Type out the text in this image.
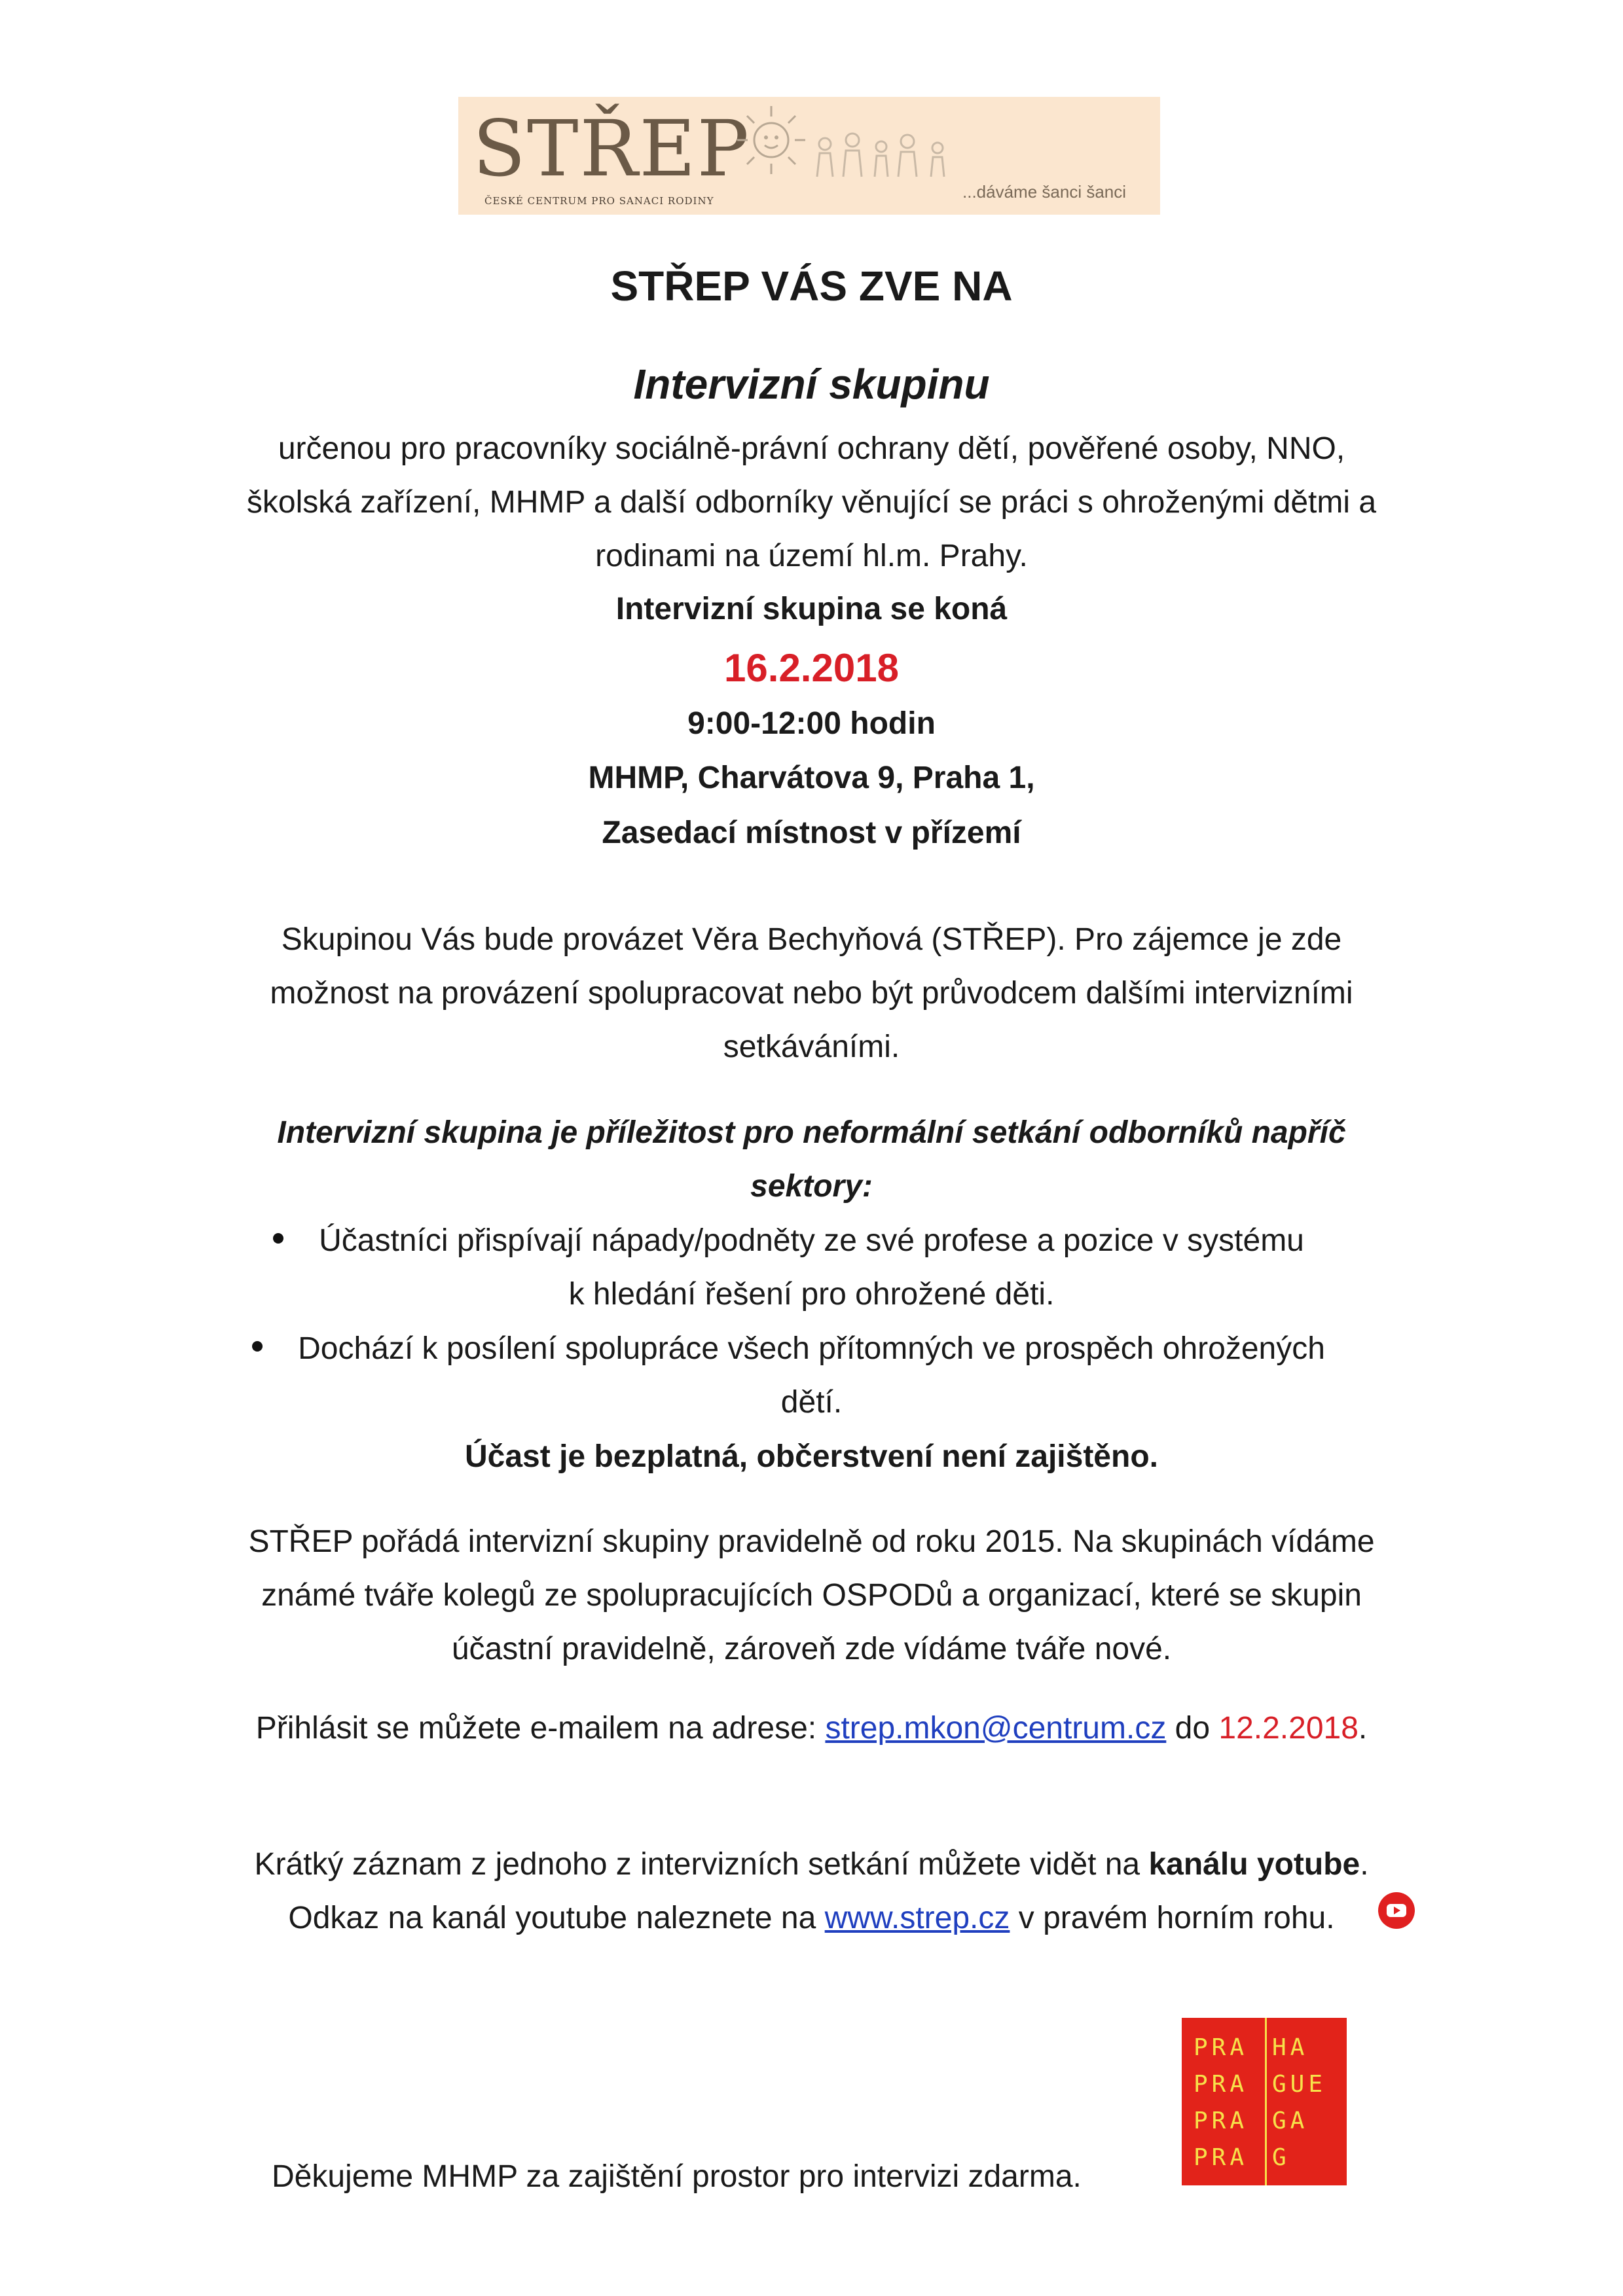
STŘEP
ČESKÉ CENTRUM PRO SANACI RODINY	...dáváme šanci šanci
STŘEP VÁS ZVE NA
Intervizní skupinu
určenou pro pracovníky sociálně-právní ochrany dětí, pověřené osoby, NNO,
školská zařízení, MHMP a další odborníky věnující se práci s ohroženými dětmi a
rodinami na území hl.m. Prahy.
Intervizní skupina se koná
16.2.2018
9:00-12:00 hodin
MHMP, Charvátova 9, Praha 1,
Zasedací místnost v přízemí
Skupinou Vás bude provázet Věra Bechyňová (STŘEP). Pro zájemce je zde
možnost na provázení spolupracovat nebo být průvodcem dalšími intervizními
setkáváními.
Intervizní skupina je příležitost pro neformální setkání odborníků napříč
sektory:
Účastníci přispívají nápady/podněty ze své profese a pozice v systému
k hledání řešení pro ohrožené děti.
Dochází k posílení spolupráce všech přítomných ve prospěch ohrožených
dětí.
Účast je bezplatná, občerstvení není zajištěno.
STŘEP pořádá intervizní skupiny pravidelně od roku 2015. Na skupinách vídáme
známé tváře kolegů ze spolupracujících OSPODů a organizací, které se skupin
účastní pravidelně, zároveň zde vídáme tváře nové.
Přihlásit se můžete e-mailem na adrese: strep.mkon@centrum.cz do 12.2.2018.
Krátký záznam z jednoho z intervizních setkání můžete vidět na kanálu yotube.
Odkaz na kanál youtube naleznete na www.strep.cz v pravém horním rohu.
Děkujeme MHMP za zajištění prostor pro intervizi zdarma.
PRA
PRA
PRA
PRA
HA
GUE
GA
G
